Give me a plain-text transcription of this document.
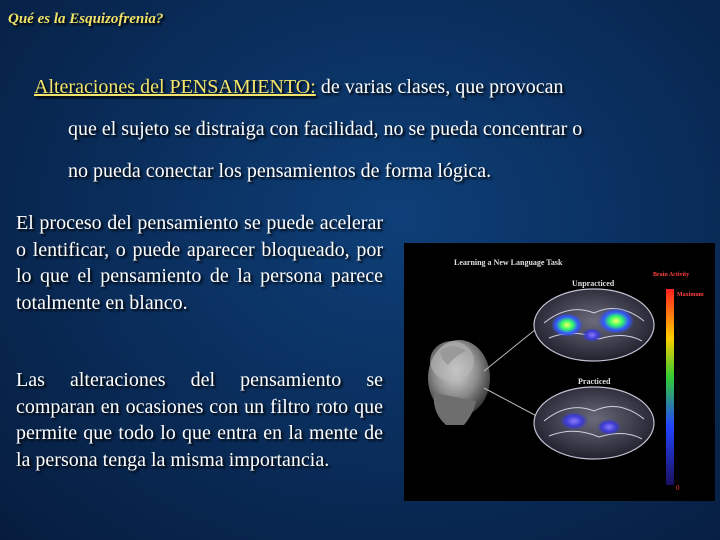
Qué es la Esquizofrenia?
Alteraciones del PENSAMIENTO: de varias clases, que provocan
que el sujeto se distraiga con facilidad, no se pueda concentrar o
no pueda conectar los pensamientos de forma lógica.
El proceso del pensamiento se puede acelerar o lentificar, o puede aparecer bloqueado, por lo que el pensamiento de la persona parece totalmente en blanco.
Las alteraciones del pensamiento se comparan en ocasiones con un filtro roto que permite que todo lo que entra en la mente de la persona tenga la misma importancia.
Learning a New Language Task
Unpracticed
Practiced
Brain Activity
Maximum
0
